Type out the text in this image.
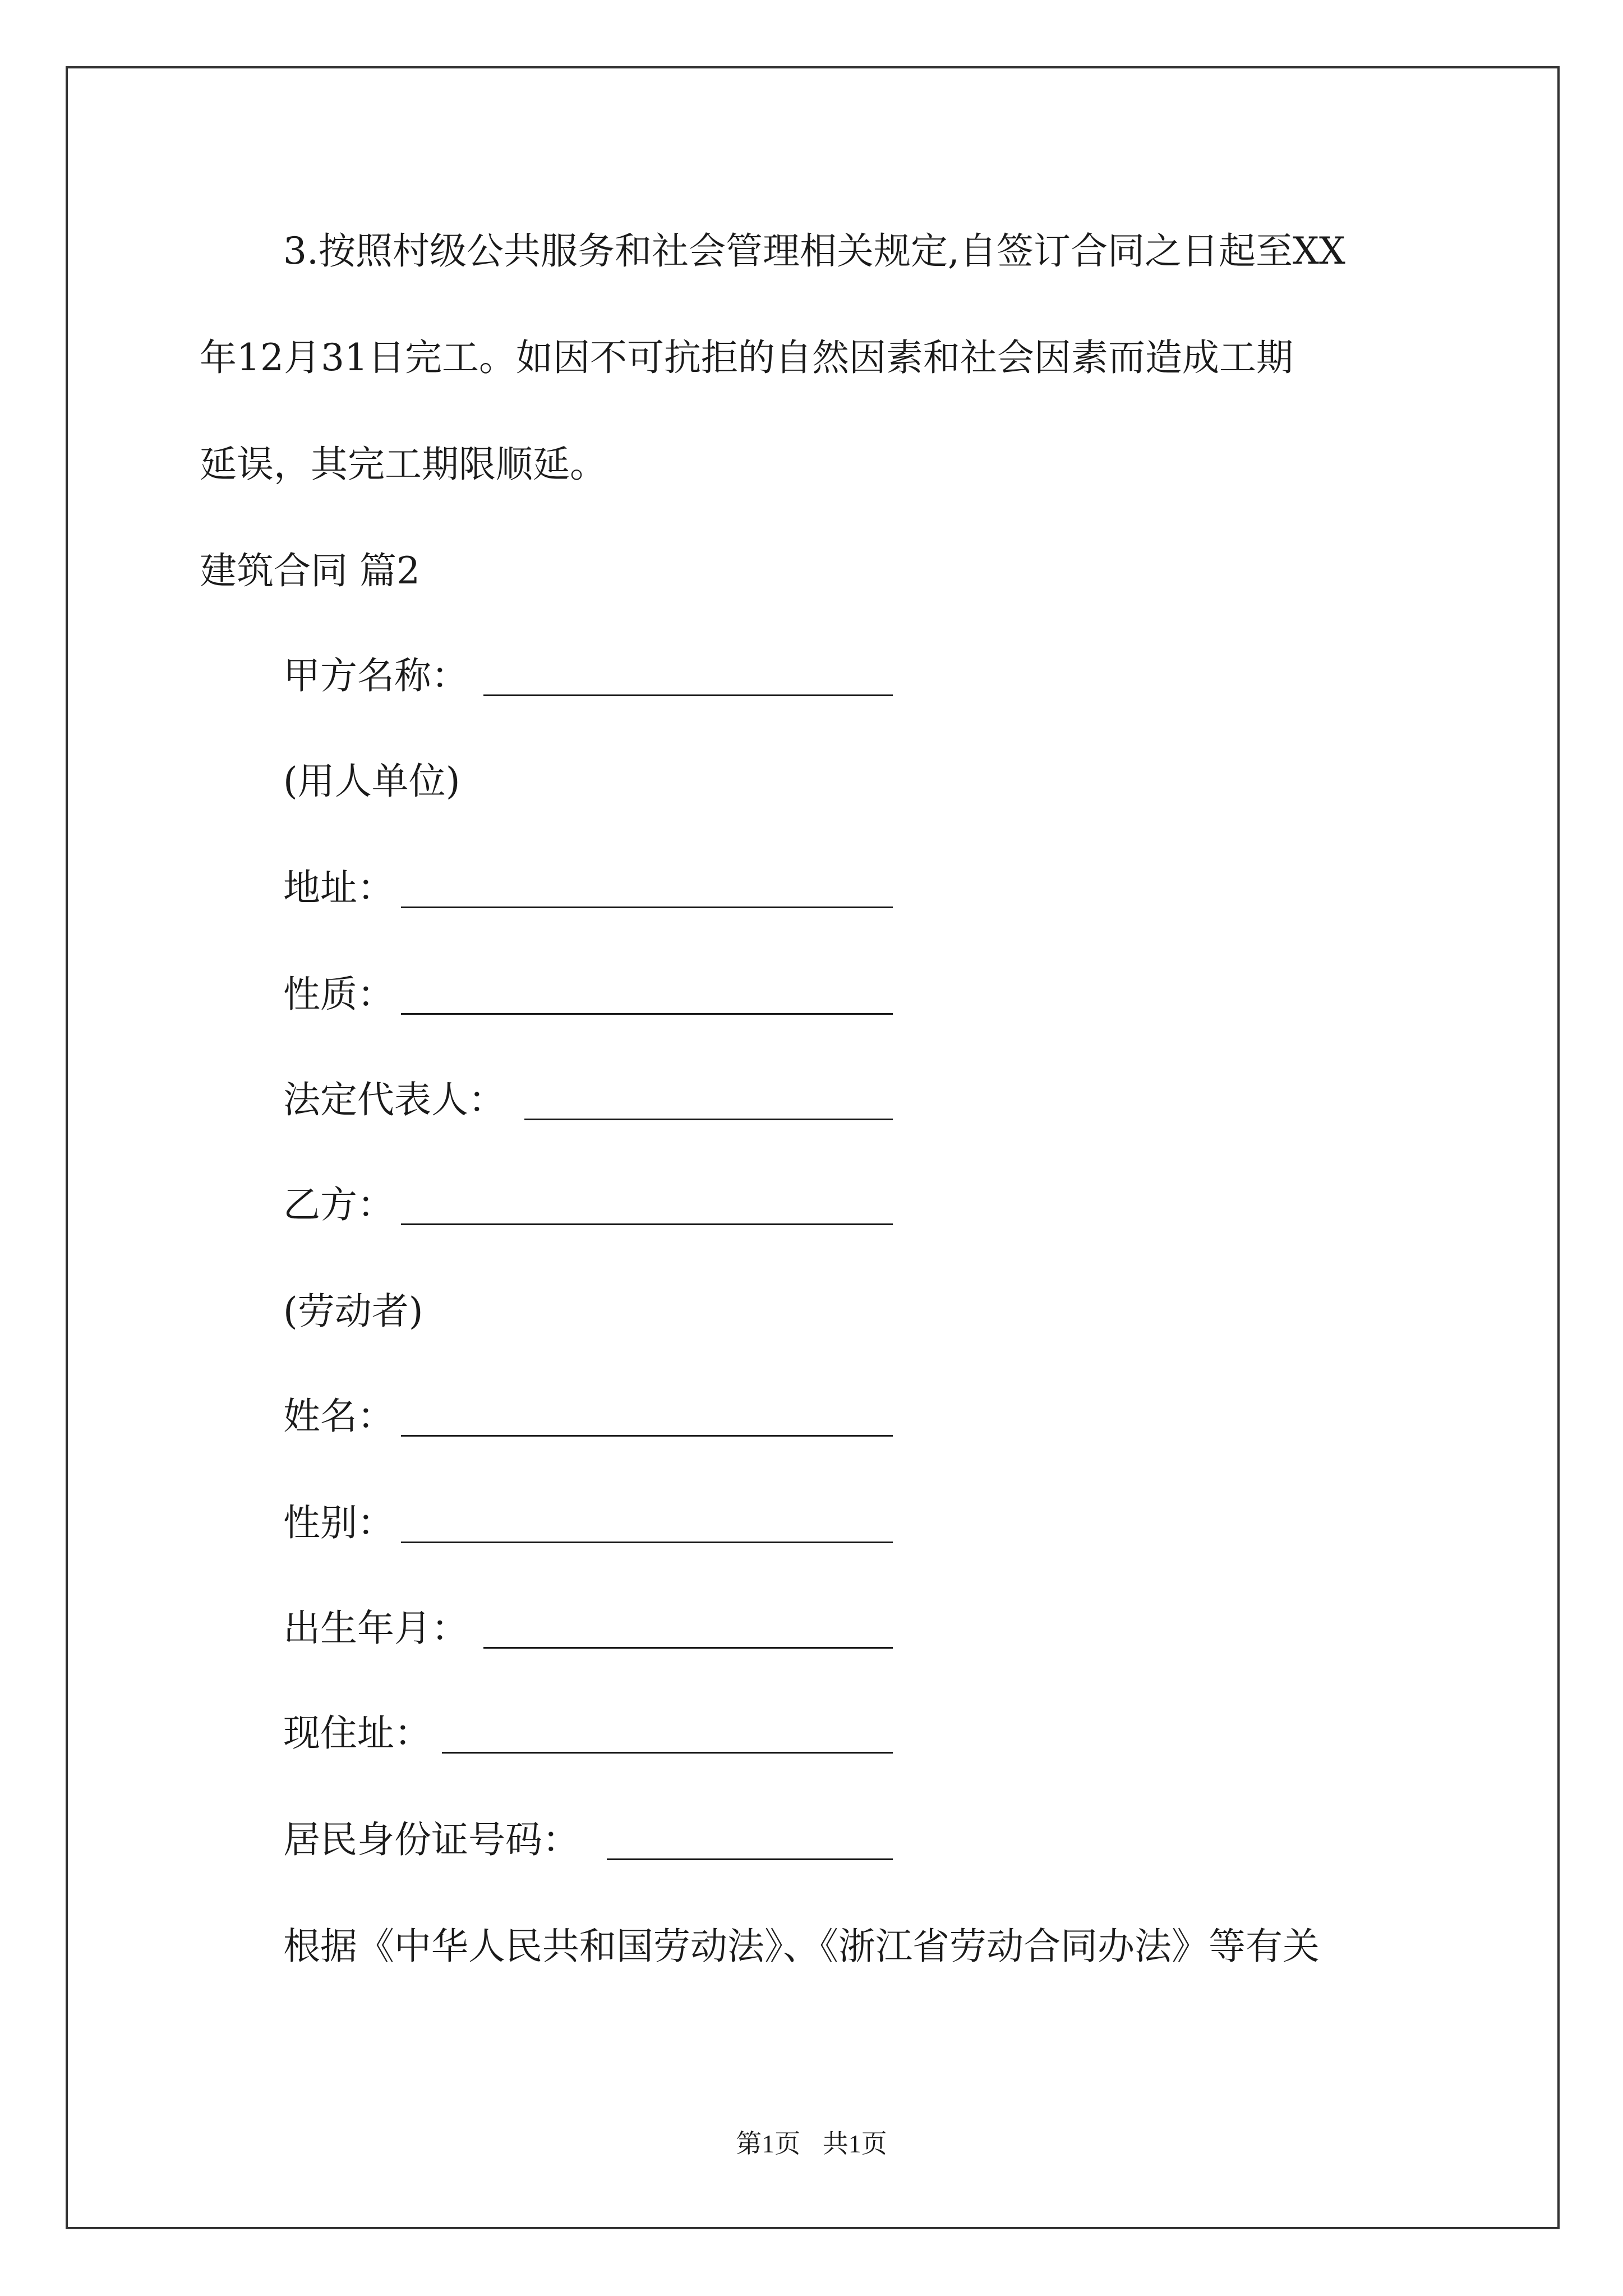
3.按照村级公共服务和社会管理相关规定,自签订合同之日起至XX
年12月31日完工。如因不可抗拒的自然因素和社会因素而造成工期
延误，其完工期限顺延。
建筑合同 篇2
甲方名称：
(用人单位)
地址：
性质：
法定代表人：
乙方：
(劳动者)
姓名：
性别：
出生年月：
现住址：
居民身份证号码：
根据《中华人民共和国劳动法》、《浙江省劳动合同办法》等有关
第1页 共1页
